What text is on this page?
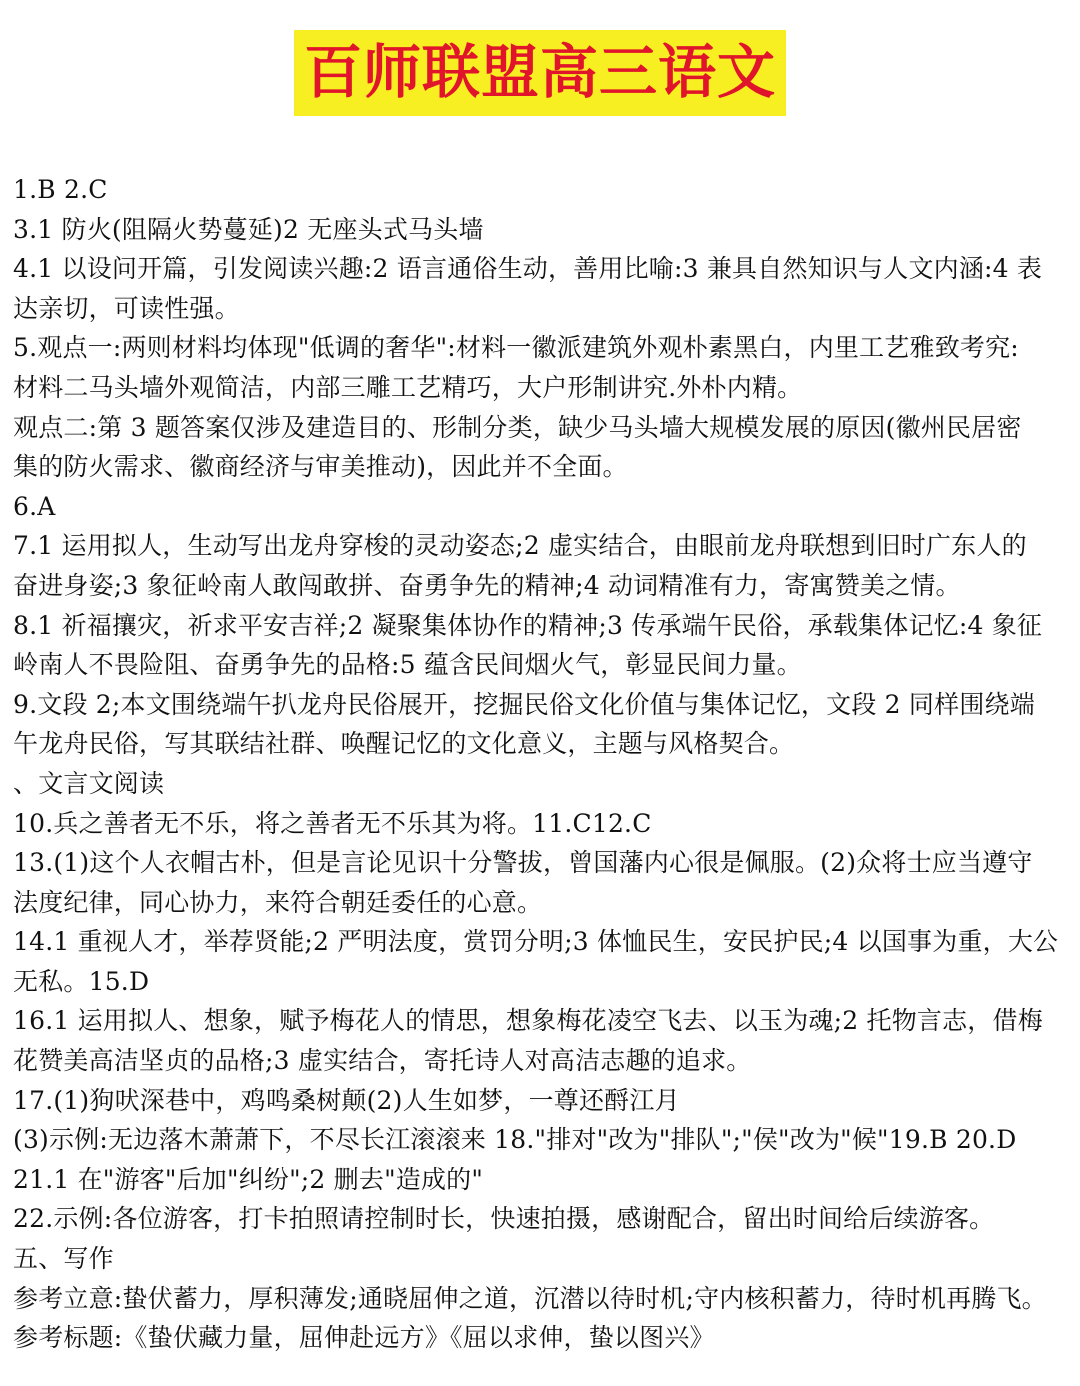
百师联盟高三语文
1.B 2.C
3.1 防火(阻隔火势蔓延)2 无座头式马头墙
4.1 以设问开篇，引发阅读兴趣:2 语言通俗生动，善用比喻:3 兼具自然知识与人文内涵:4 表
达亲切，可读性强。
5.观点一:两则材料均体现"低调的奢华":材料一徽派建筑外观朴素黑白，内里工艺雅致考究:
材料二马头墙外观简洁，内部三雕工艺精巧，大户形制讲究.外朴内精。
观点二:第 3 题答案仅涉及建造目的、形制分类，缺少马头墙大规模发展的原因(徽州民居密
集的防火需求、徽商经济与审美推动)，因此并不全面。
6.A
7.1 运用拟人，生动写出龙舟穿梭的灵动姿态;2 虚实结合，由眼前龙舟联想到旧时广东人的
奋进身姿;3 象征岭南人敢闯敢拼、奋勇争先的精神;4 动词精准有力，寄寓赞美之情。
8.1 祈福攘灾，祈求平安吉祥;2 凝聚集体协作的精神;3 传承端午民俗，承载集体记忆:4 象征
岭南人不畏险阻、奋勇争先的品格:5 蕴含民间烟火气，彰显民间力量。
9.文段 2;本文围绕端午扒龙舟民俗展开，挖掘民俗文化价值与集体记忆，文段 2 同样围绕端
午龙舟民俗，写其联结社群、唤醒记忆的文化意义，主题与风格契合。
、文言文阅读
10.兵之善者无不乐，将之善者无不乐其为将。11.C12.C
13.(1)这个人衣帽古朴，但是言论见识十分警拔，曾国藩内心很是佩服。(2)众将士应当遵守
法度纪律，同心协力，来符合朝廷委任的心意。
14.1 重视人才，举荐贤能;2 严明法度，赏罚分明;3 体恤民生，安民护民;4 以国事为重，大公
无私。15.D
16.1 运用拟人、想象，赋予梅花人的情思，想象梅花凌空飞去、以玉为魂;2 托物言志，借梅
花赞美高洁坚贞的品格;3 虚实结合，寄托诗人对高洁志趣的追求。
17.(1)狗吠深巷中，鸡鸣桑树颠(2)人生如梦，一尊还酹江月
(3)示例:无边落木萧萧下，不尽长江滚滚来 18."排对"改为"排队";"侯"改为"候"19.B 20.D
21.1 在"游客"后加"纠纷";2 删去"造成的"
22.示例:各位游客，打卡拍照请控制时长，快速拍摄，感谢配合，留出时间给后续游客。
五、写作
参考立意:蛰伏蓄力，厚积薄发;通晓屈伸之道，沉潜以待时机;守内核积蓄力，待时机再腾飞。
参考标题:《蛰伏藏力量，屈伸赴远方》《屈以求伸，蛰以图兴》
